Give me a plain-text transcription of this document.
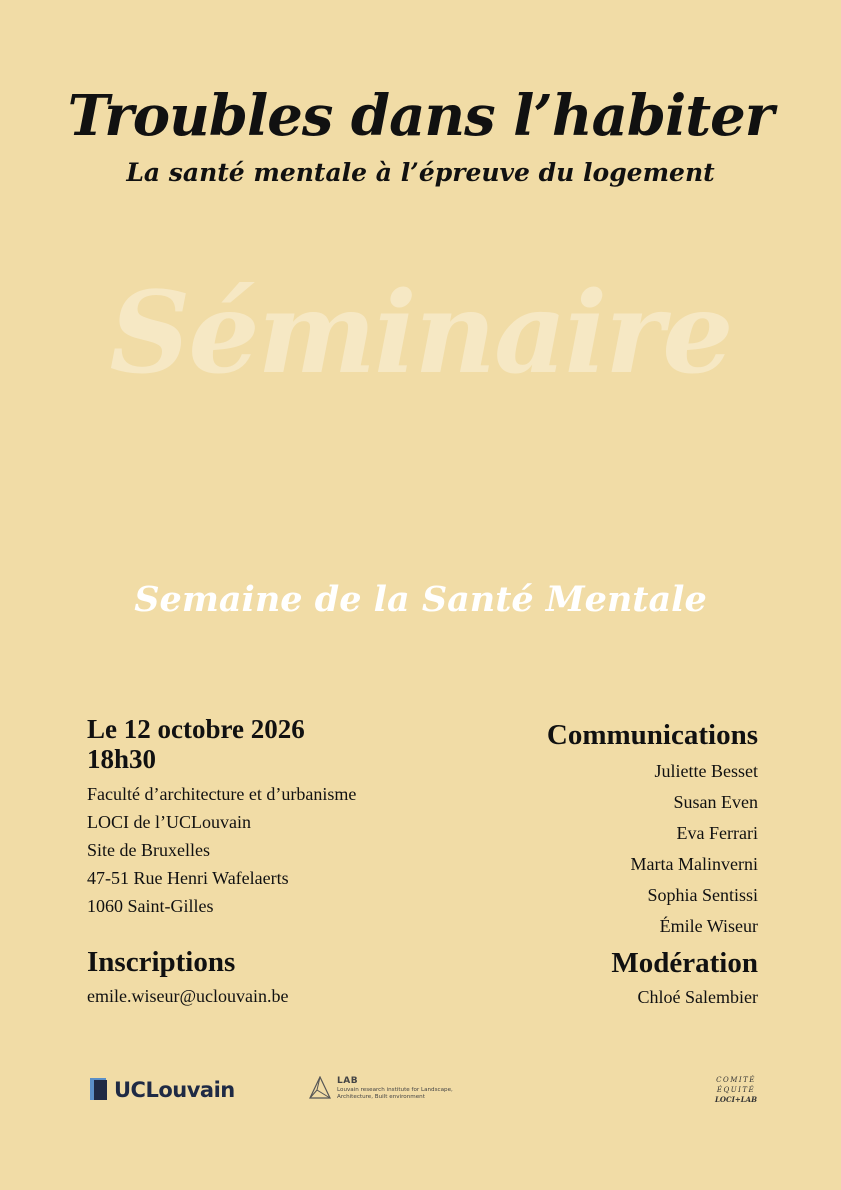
Troubles dans l’habiter
La santé mentale à l’épreuve du logement
Séminaire
Semaine de la Santé Mentale
Le 12 octobre 2026
18h30
Faculté d’architecture et d’urbanisme
LOCI de l’UCLouvain
Site de Bruxelles
47-51 Rue Henri Wafelaerts
1060 Saint-Gilles
Inscriptions
emile.wiseur@uclouvain.be
Communications
Juliette Besset
Susan Even
Eva Ferrari
Marta Malinverni
Sophia Sentissi
Émile Wiseur
Modération
Chloé Salembier
UCLouvain	LAB
Louvain research institute for Landscape,
Architecture, Built environment
COMITÉ
ÉQUITÉ
LOCI+LAB
